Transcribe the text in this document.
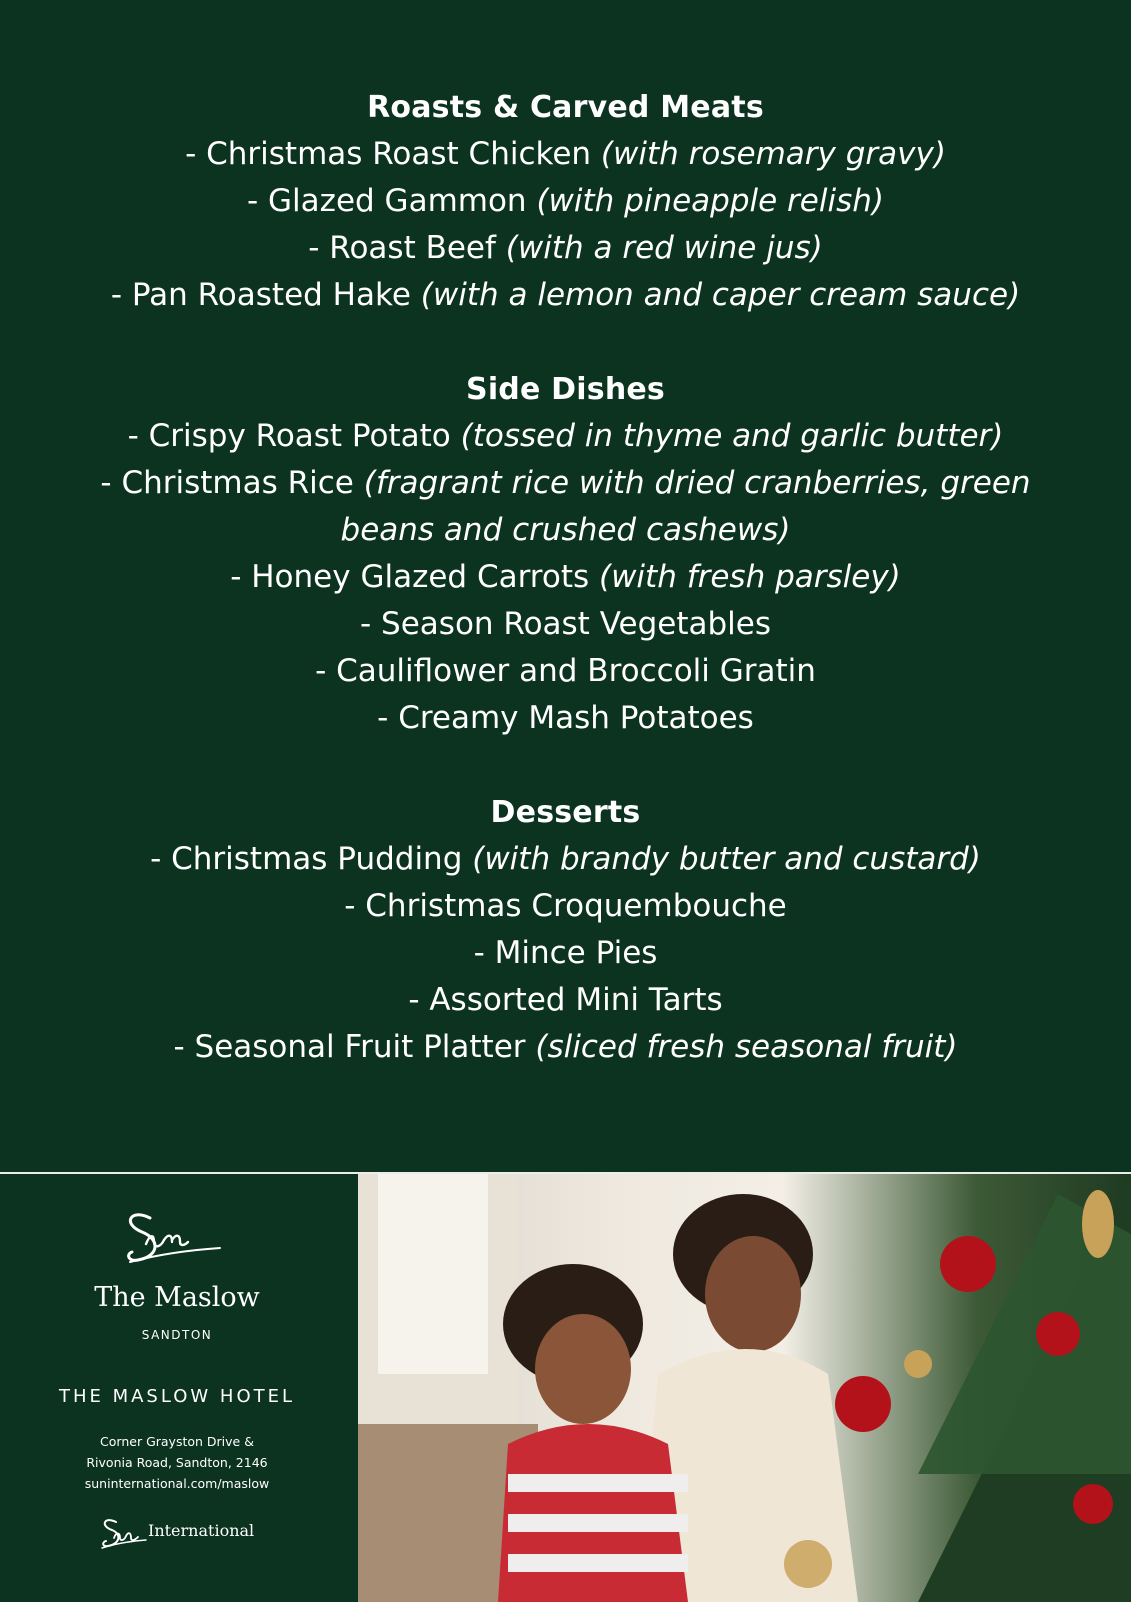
Roasts & Carved Meats
- Christmas Roast Chicken (with rosemary gravy)
- Glazed Gammon (with pineapple relish)
- Roast Beef (with a red wine jus)
- Pan Roasted Hake (with a lemon and caper cream sauce)
Side Dishes
- Crispy Roast Potato (tossed in thyme and garlic butter)
- Christmas Rice (fragrant rice with dried cranberries, green beans and crushed cashews)
- Honey Glazed Carrots (with fresh parsley)
- Season Roast Vegetables
- Cauliflower and Broccoli Gratin
- Creamy Mash Potatoes
Desserts
- Christmas Pudding (with brandy butter and custard)
- Christmas Croquembouche
- Mince Pies
- Assorted Mini Tarts
- Seasonal Fruit Platter (sliced fresh seasonal fruit)
The Maslow
SANDTON
THE MASLOW HOTEL
Corner Grayston Drive &
Rivonia Road, Sandton, 2146
suninternational.com/maslow
International
